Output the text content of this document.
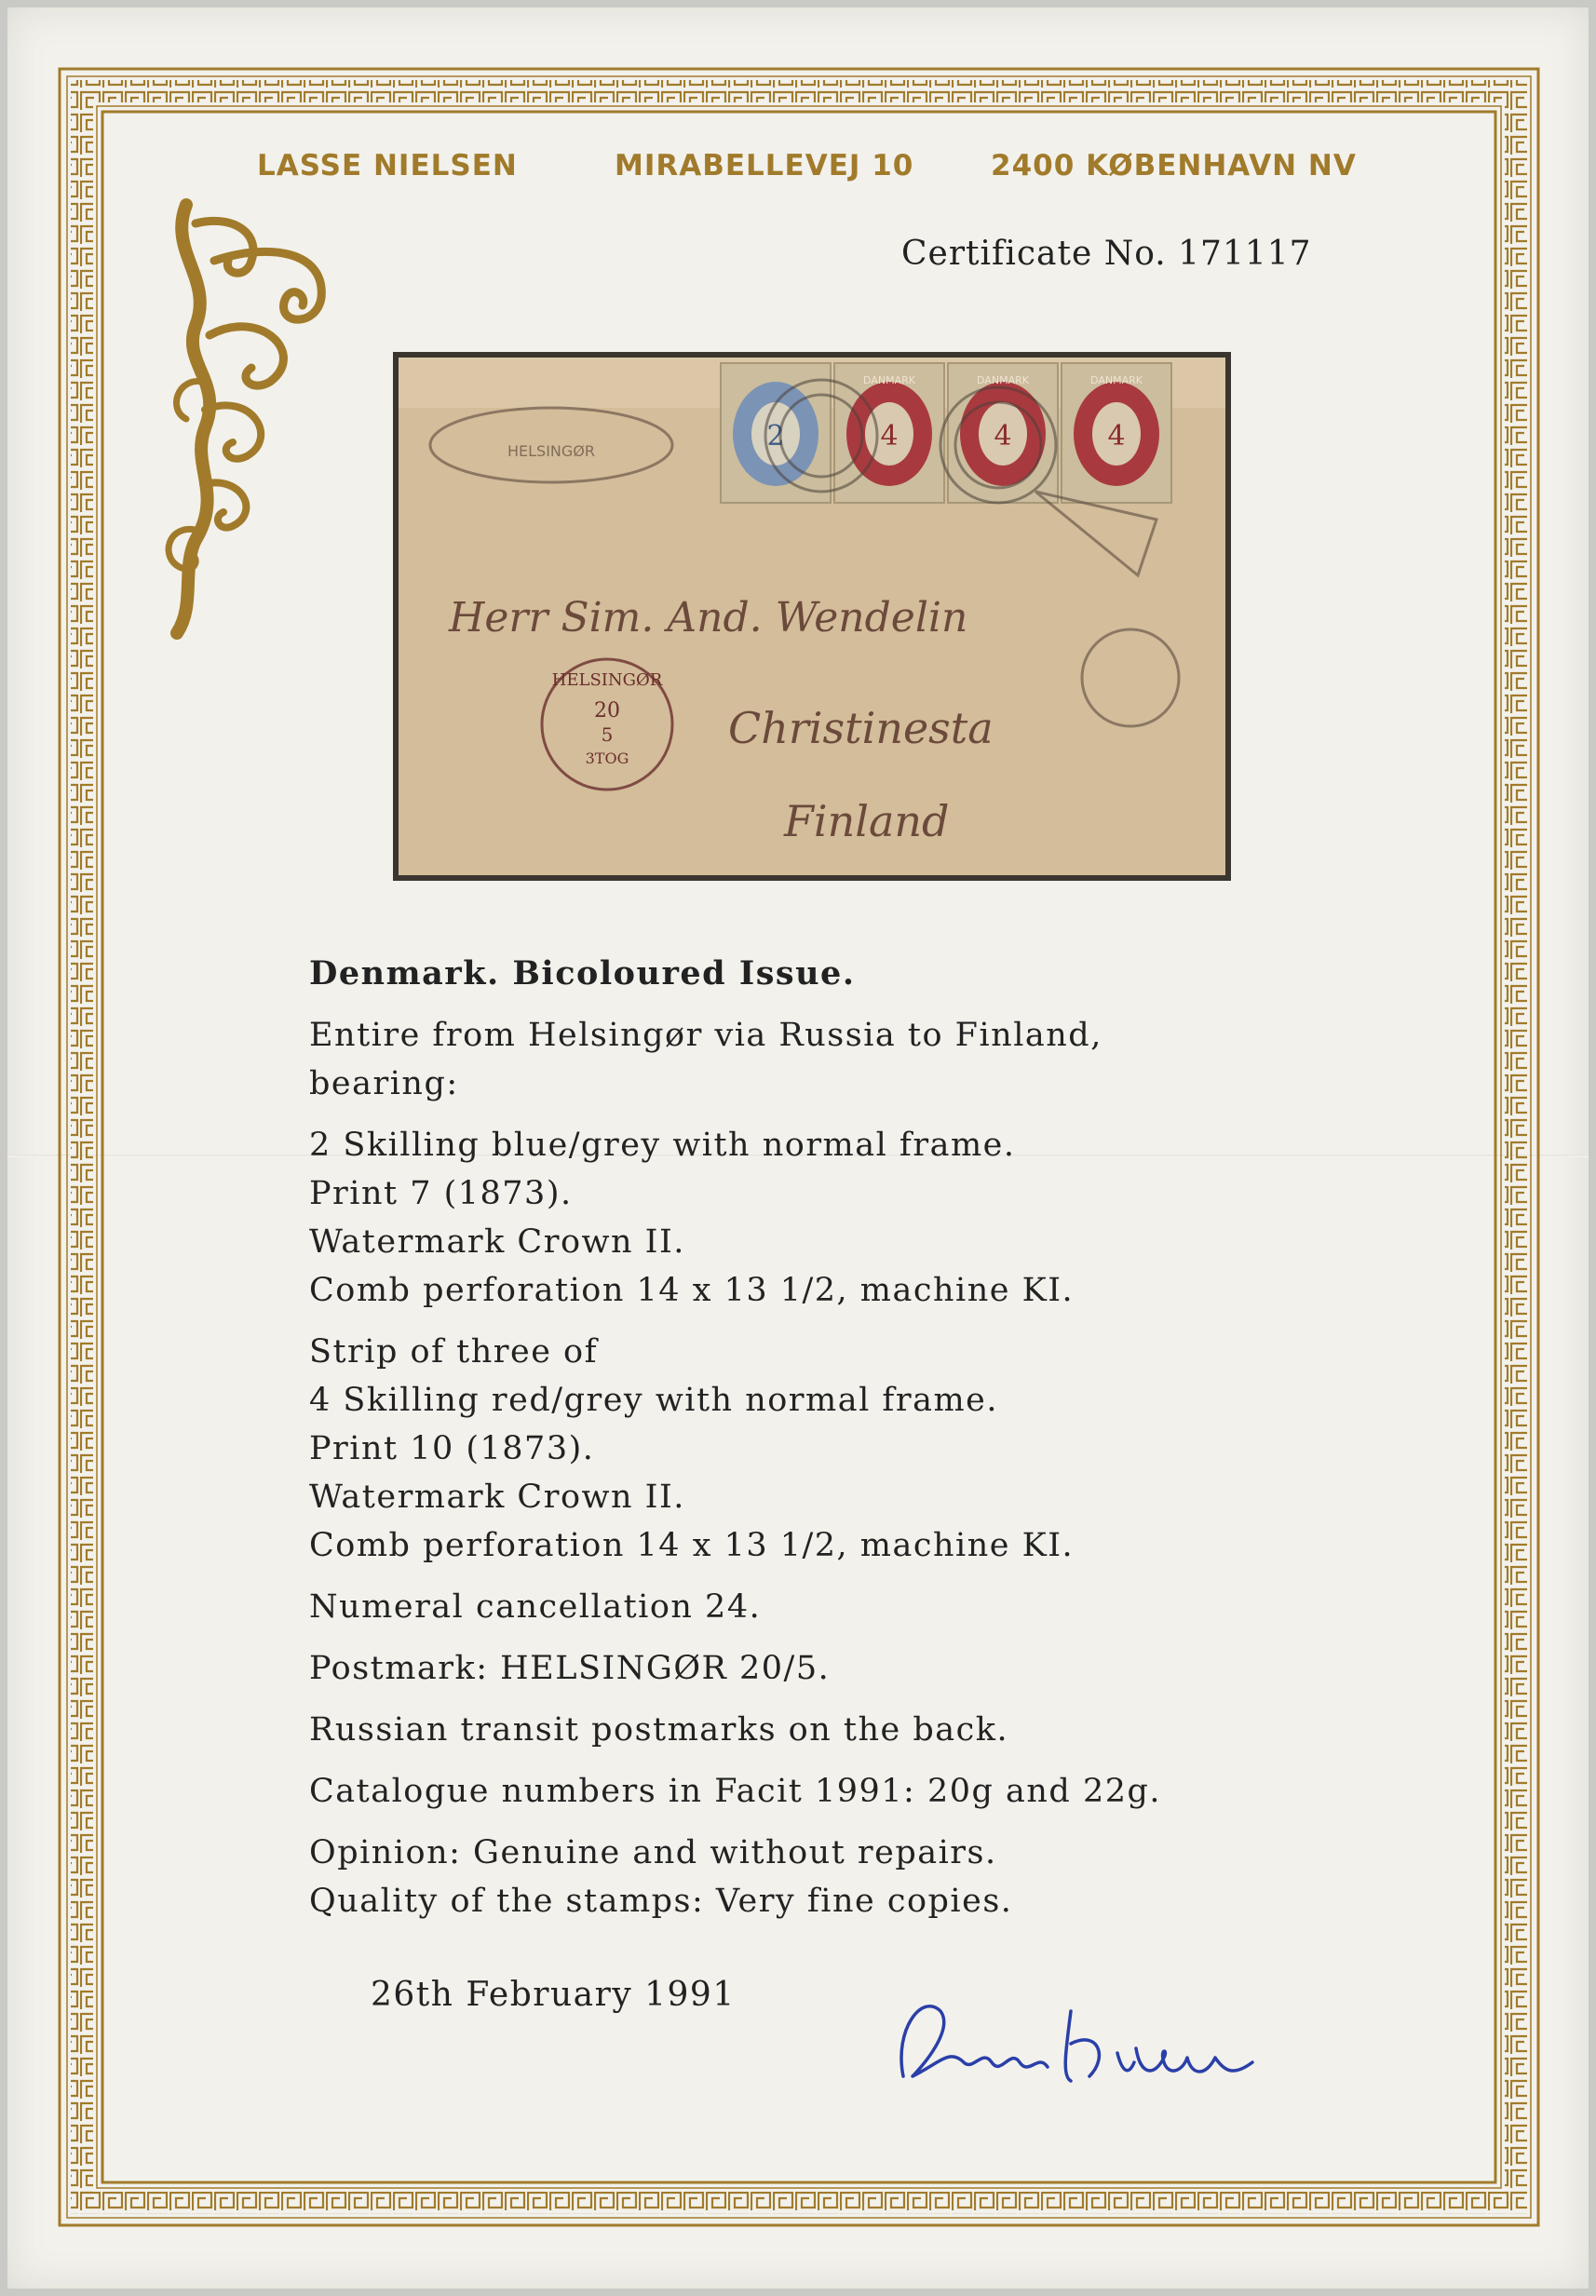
LASSE NIELSEN	MIRABELLEVEJ 10	2400 KØBENHAVN NV
Certificate No. 171117
HELSINGØR	2
DANMARK
4
DANMARK
4
DANMARK
4
Herr Sim. And. Wendelin
Christinesta
Finland
HELSINGØR
20
5
3TOG
Denmark. Bicoloured Issue.
Entire from Helsingør via Russia to Finland,
bearing:
2 Skilling blue/grey with normal frame.
Print 7 (1873).
Watermark Crown II.
Comb perforation 14 x 13 1/2, machine KI.
Strip of three of
4 Skilling red/grey with normal frame.
Print 10 (1873).
Watermark Crown II.
Comb perforation 14 x 13 1/2, machine KI.
Numeral cancellation 24.
Postmark: HELSINGØR 20/5.
Russian transit postmarks on the back.
Catalogue numbers in Facit 1991: 20g and 22g.
Opinion: Genuine and without repairs.
Quality of the stamps: Very fine copies.
26th February 1991
